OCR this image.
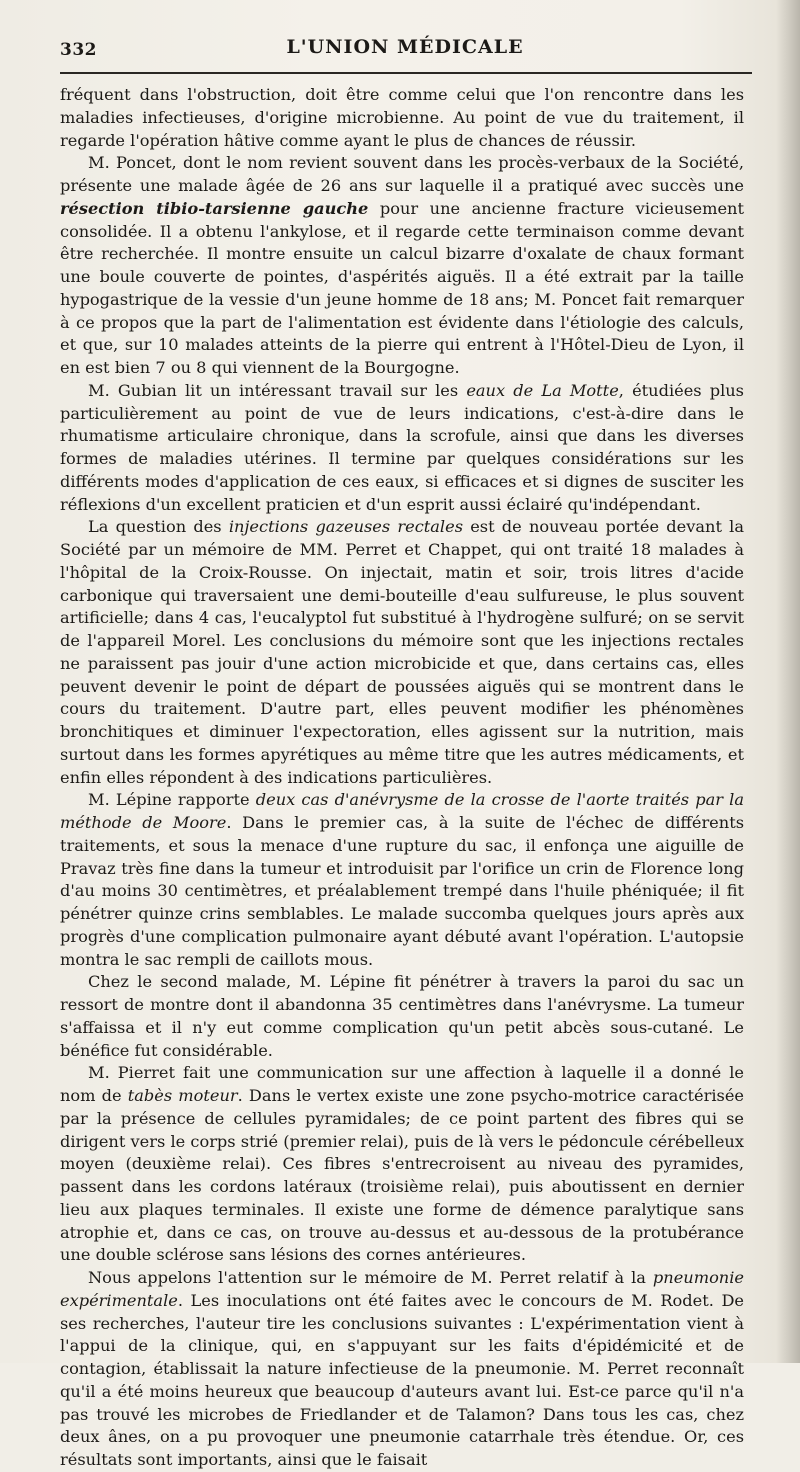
332	L'UNION MÉDICALE

fréquent dans l'obstruction, doit être comme celui que l'on rencontre dans les maladies infectieuses, d'origine microbienne. Au point de vue du traitement, il regarde l'opération hâtive comme ayant le plus de chances de réussir.

M. Poncet, dont le nom revient souvent dans les procès-verbaux de la Société, présente une malade âgée de 26 ans sur laquelle il a pratiqué avec succès une résection tibio-tarsienne gauche pour une ancienne fracture vicieusement consolidée. Il a obtenu l'ankylose, et il regarde cette terminaison comme devant être recherchée. Il montre ensuite un calcul bizarre d'oxalate de chaux formant une boule couverte de pointes, d'aspérités aiguës. Il a été extrait par la taille hypogastrique de la vessie d'un jeune homme de 18 ans; M. Poncet fait remarquer à ce propos que la part de l'alimentation est évidente dans l'étiologie des calculs, et que, sur 10 malades atteints de la pierre qui entrent à l'Hôtel-Dieu de Lyon, il en est bien 7 ou 8 qui viennent de la Bourgogne.

M. Gubian lit un intéressant travail sur les eaux de La Motte, étudiées plus particulièrement au point de vue de leurs indications, c'est-à-dire dans le rhumatisme articulaire chronique, dans la scrofule, ainsi que dans les diverses formes de maladies utérines. Il termine par quelques considérations sur les différents modes d'application de ces eaux, si efficaces et si dignes de susciter les réflexions d'un excellent praticien et d'un esprit aussi éclairé qu'indépendant.

La question des injections gazeuses rectales est de nouveau portée devant la Société par un mémoire de MM. Perret et Chappet, qui ont traité 18 malades à l'hôpital de la Croix-Rousse. On injectait, matin et soir, trois litres d'acide carbonique qui traversaient une demi-bouteille d'eau sulfureuse, le plus souvent artificielle; dans 4 cas, l'eucalyptol fut substitué à l'hydrogène sulfuré; on se servit de l'appareil Morel. Les conclusions du mémoire sont que les injections rectales ne paraissent pas jouir d'une action microbicide et que, dans certains cas, elles peuvent devenir le point de départ de poussées aiguës qui se montrent dans le cours du traitement. D'autre part, elles peuvent modifier les phénomènes bronchitiques et diminuer l'expectoration, elles agissent sur la nutrition, mais surtout dans les formes apyrétiques au même titre que les autres médicaments, et enfin elles répondent à des indications particulières.

M. Lépine rapporte deux cas d'anévrysme de la crosse de l'aorte traités par la méthode de Moore. Dans le premier cas, à la suite de l'échec de différents traitements, et sous la menace d'une rupture du sac, il enfonça une aiguille de Pravaz très fine dans la tumeur et introduisit par l'orifice un crin de Florence long d'au moins 30 centimètres, et préalablement trempé dans l'huile phéniquée; il fit pénétrer quinze crins semblables. Le malade succomba quelques jours après aux progrès d'une complication pulmonaire ayant débuté avant l'opération. L'autopsie montra le sac rempli de caillots mous.

Chez le second malade, M. Lépine fit pénétrer à travers la paroi du sac un ressort de montre dont il abandonna 35 centimètres dans l'anévrysme. La tumeur s'affaissa et il n'y eut comme complication qu'un petit abcès sous-cutané. Le bénéfice fut considérable.

M. Pierret fait une communication sur une affection à laquelle il a donné le nom de tabès moteur. Dans le vertex existe une zone psycho-motrice caractérisée par la présence de cellules pyramidales; de ce point partent des fibres qui se dirigent vers le corps strié (premier relai), puis de là vers le pédoncule cérébelleux moyen (deuxième relai). Ces fibres s'entrecroisent au niveau des pyramides, passent dans les cordons latéraux (troisième relai), puis aboutissent en dernier lieu aux plaques terminales. Il existe une forme de démence paralytique sans atrophie et, dans ce cas, on trouve au-dessus et au-dessous de la protubérance une double sclérose sans lésions des cornes antérieures.

Nous appelons l'attention sur le mémoire de M. Perret relatif à la pneumonie expérimentale. Les inoculations ont été faites avec le concours de M. Rodet. De ses recherches, l'auteur tire les conclusions suivantes : L'expérimentation vient à l'appui de la clinique, qui, en s'appuyant sur les faits d'épidémicité et de contagion, établissait la nature infectieuse de la pneumonie. M. Perret reconnaît qu'il a été moins heureux que beaucoup d'auteurs avant lui. Est-ce parce qu'il n'a pas trouvé les microbes de Friedlander et de Talamon? Dans tous les cas, chez deux ânes, on a pu provoquer une pneumonie catarrhale très étendue. Or, ces résultats sont importants, ainsi que le faisait
